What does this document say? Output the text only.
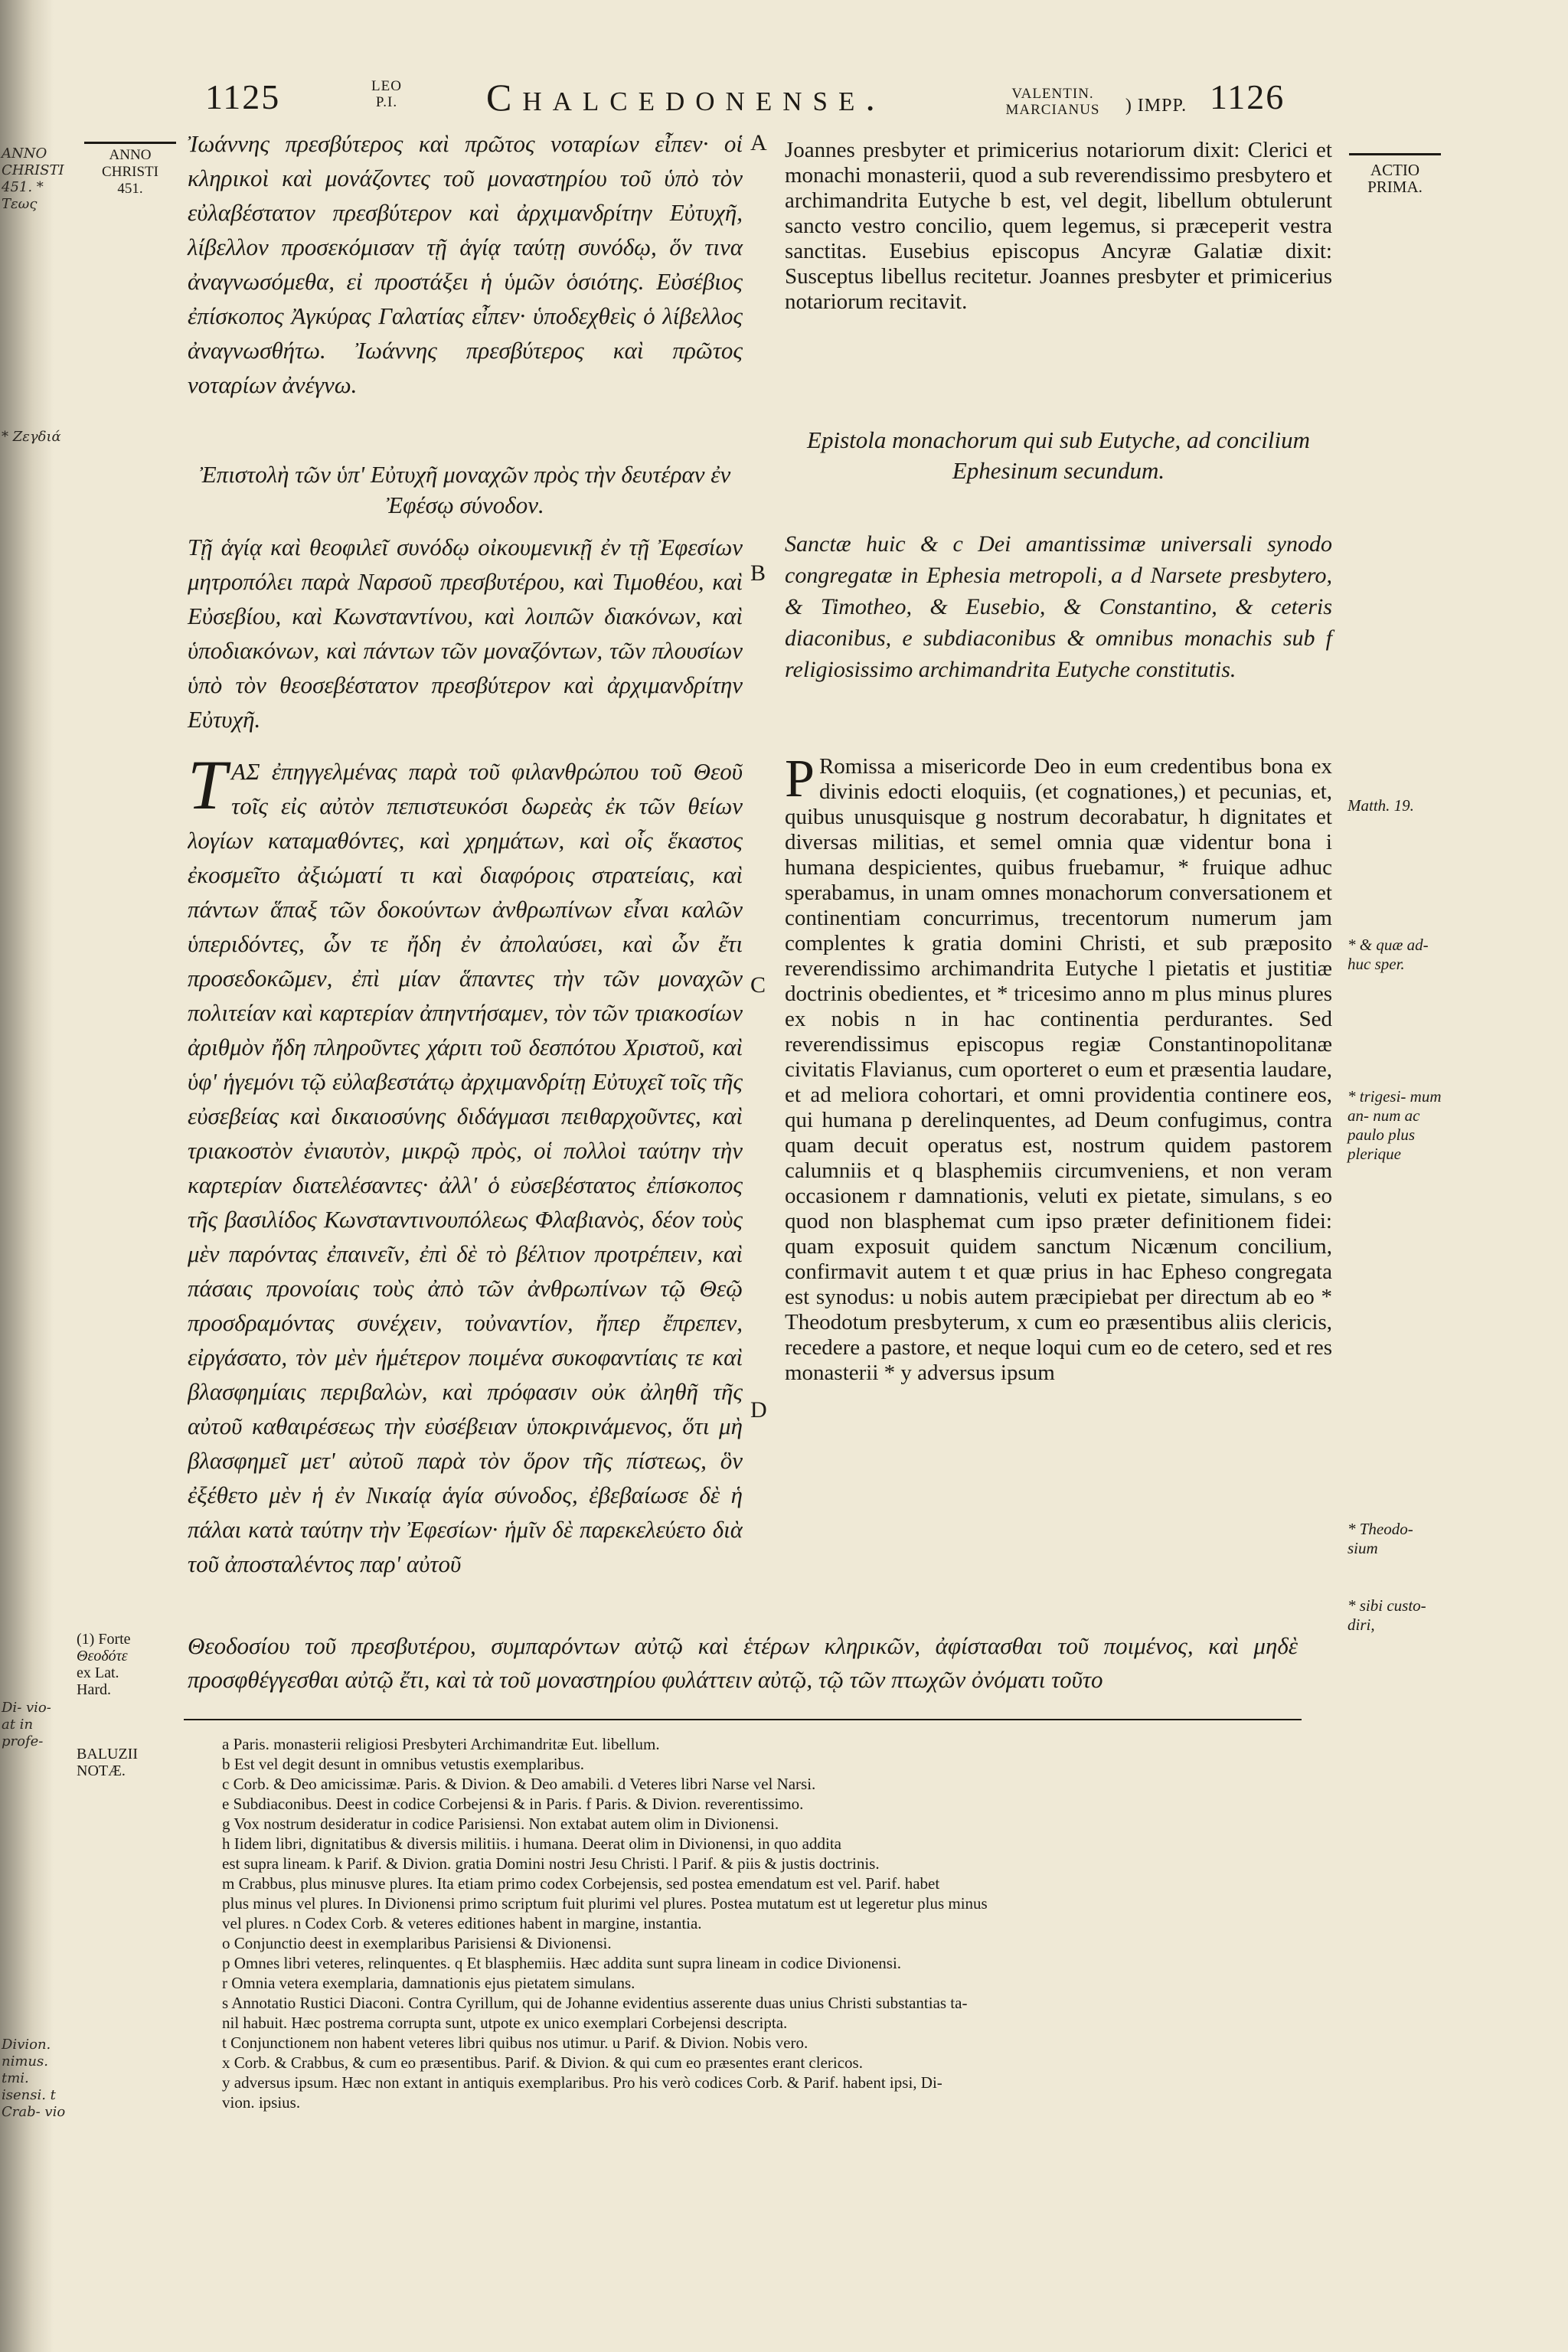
ANNO CHRISTI 451. * Τεως
* Ζεγδιά
Di- vio- at in profe-
Divion. nimus. tmi. isensi. t Crab- vio
1125	LEO
P.I.	Chalcedonense.	VALENTIN.
MARCIANUS	) IMPP. 1126
ANNO
CHRISTI
451.
(1) Forte
Θεοδότε
ex Lat.
Hard.
BALUZII
NOTÆ.
ACTIO
PRIMA.
Matth. 19.
* & quæ ad- huc sper.
* trigesi- mum an- num ac paulo plus plerique
* Theodo- sium
* sibi custo- diri,
A
B
C
D
Ἰωάννης πρεσβύτερος καὶ πρῶτος νοταρίων εἶπεν· οἱ κληρικοὶ καὶ μονάζοντες τοῦ μοναστηρίου τοῦ ὑπὸ τὸν εὐλαβέστατον πρεσβύτερον καὶ ἀρχιμανδρίτην Εὐτυχῆ, λίβελλον προσεκόμισαν τῇ ἁγίᾳ ταύτῃ συνόδῳ, ὅν τινα ἀναγνωσόμεθα, εἰ προστάξει ἡ ὑμῶν ὁσιότης. Εὐσέβιος ἐπίσκοπος Ἀγκύρας Γαλατίας εἶπεν· ὑποδεχθεὶς ὁ λίβελλος ἀναγνωσθήτω. Ἰωάννης πρεσβύτερος καὶ πρῶτος νοταρίων ἀνέγνω.
Ἐπιστολὴ τῶν ὑπ' Εὐτυχῆ μοναχῶν πρὸς τὴν δευτέραν ἐν Ἐφέσῳ σύνοδον.
Τῇ ἁγίᾳ καὶ θεοφιλεῖ συνόδῳ οἰκουμενικῇ ἐν τῇ Ἐφεσίων μητροπόλει παρὰ Ναρσοῦ πρεσβυτέρου, καὶ Τιμοθέου, καὶ Εὐσεβίου, καὶ Κωνσταντίνου, καὶ λοιπῶν διακόνων, καὶ ὑποδιακόνων, καὶ πάντων τῶν μοναζόντων, τῶν πλουσίων ὑπὸ τὸν θεοσεβέστατον πρεσβύτερον καὶ ἀρχιμανδρίτην Εὐτυχῆ.
ΤΑΣ ἐπηγγελμένας παρὰ τοῦ φιλανθρώπου τοῦ Θεοῦ τοῖς εἰς αὐτὸν πεπιστευκόσι δωρεὰς ἐκ τῶν θείων λογίων καταμαθόντες, καὶ χρημάτων, καὶ οἷς ἕκαστος ἐκοσμεῖτο ἀξιώματί τι καὶ διαφόροις στρατείαις, καὶ πάντων ἅπαξ τῶν δοκούντων ἀνθρωπίνων εἶναι καλῶν ὑπεριδόντες, ὧν τε ἤδη ἐν ἀπολαύσει, καὶ ὧν ἔτι προσεδοκῶμεν, ἐπὶ μίαν ἅπαντες τὴν τῶν μοναχῶν πολιτείαν καὶ καρτερίαν ἀπηντήσαμεν, τὸν τῶν τριακοσίων ἀριθμὸν ἤδη πληροῦντες χάριτι τοῦ δεσπότου Χριστοῦ, καὶ ὑφ' ἡγεμόνι τῷ εὐλαβεστάτῳ ἀρχιμανδρίτῃ Εὐτυχεῖ τοῖς τῆς εὐσεβείας καὶ δικαιοσύνης διδάγμασι πειθαρχοῦντες, καὶ τριακοστὸν ἐνιαυτὸν, μικρῷ πρὸς, οἱ πολλοὶ ταύτην τὴν καρτερίαν διατελέσαντες· ἀλλ' ὁ εὐσεβέστατος ἐπίσκοπος τῆς βασιλίδος Κωνσταντινουπόλεως Φλαβιανὸς, δέον τοὺς μὲν παρόντας ἐπαινεῖν, ἐπὶ δὲ τὸ βέλτιον προτρέπειν, καὶ πάσαις προνοίαις τοὺς ἀπὸ τῶν ἀνθρωπίνων τῷ Θεῷ προσδραμόντας συνέχειν, τοὐναντίον, ἤπερ ἔπρεπεν, εἰργάσατο, τὸν μὲν ἡμέτερον ποιμένα συκοφαντίαις τε καὶ βλασφημίαις περιβαλὼν, καὶ πρόφασιν οὐκ ἀληθῆ τῆς αὐτοῦ καθαιρέσεως τὴν εὐσέβειαν ὑποκρινάμενος, ὅτι μὴ βλασφημεῖ μετ' αὐτοῦ παρὰ τὸν ὅρον τῆς πίστεως, ὃν ἐξέθετο μὲν ἡ ἐν Νικαίᾳ ἁγία σύνοδος, ἐβεβαίωσε δὲ ἡ πάλαι κατὰ ταύτην τὴν Ἐφεσίων· ἡμῖν δὲ παρεκελεύετο διὰ τοῦ ἀποσταλέντος παρ' αὐτοῦ
Joannes presbyter et primicerius notariorum dixit: Clerici et monachi monasterii, quod a sub reverendissimo presbytero et archimandrita Eutyche b est, vel degit, libellum obtulerunt sancto vestro concilio, quem legemus, si præceperit vestra sanctitas. Eusebius episcopus Ancyræ Galatiæ dixit: Susceptus libellus recitetur. Joannes presbyter et primicerius notariorum recitavit.
Epistola monachorum qui sub Eutyche, ad concilium Ephesinum secundum.
Sanctæ huic & c Dei amantissimæ universali synodo congregatæ in Ephesia metropoli, a d Narsete presbytero, & Timotheo, & Eusebio, & Constantino, & ceteris diaconibus, e subdiaconibus & omnibus monachis sub f religiosissimo archimandrita Eutyche constitutis.
P Romissa a misericorde Deo in eum credentibus bona ex divinis edocti eloquiis, (et cognationes,) et pecunias, et, quibus unusquisque g nostrum decorabatur, h dignitates et diversas militias, et semel omnia quæ videntur bona i humana despicientes, quibus fruebamur, * fruique adhuc sperabamus, in unam omnes monachorum conversationem et continentiam concurrimus, trecentorum numerum jam complentes k gratia domini Christi, et sub præposito reverendissimo archimandrita Eutyche l pietatis et justitiæ doctrinis obedientes, et * tricesimo anno m plus minus plures ex nobis n in hac continentia perdurantes. Sed reverendissimus episcopus regiæ Constantinopolitanæ civitatis Flavianus, cum oporteret o eum et præsentia laudare, et ad meliora cohortari, et omni providentia continere eos, qui humana p derelinquentes, ad Deum confugimus, contra quam decuit operatus est, nostrum quidem pastorem calumniis et q blasphemiis circumveniens, et non veram occasionem r damnationis, veluti ex pietate, simulans, s eo quod non blasphemat cum ipso præter definitionem fidei: quam exposuit quidem sanctum Nicænum concilium, confirmavit autem t et quæ prius in hac Epheso congregata est synodus: u nobis autem præcipiebat per directum ab eo * Theodotum presbyterum, x cum eo præsentibus aliis clericis, recedere a pastore, et neque loqui cum eo de cetero, sed et res monasterii * y adversus ipsum
Θεοδοσίου τοῦ πρεσβυτέρου, συμπαρόντων αὐτῷ καὶ ἑτέρων κληρικῶν, ἀφίστασθαι τοῦ ποιμένος, καὶ μηδὲ προσφθέγγεσθαι αὐτῷ ἔτι, καὶ τὰ τοῦ μοναστηρίου φυλάττειν αὐτῷ, τῷ τῶν πτωχῶν ὀνόματι τοῦτο
a Paris. monasterii religiosi Presbyteri Archimandritæ Eut. libellum.
b Est vel degit desunt in omnibus vetustis exemplaribus.
c Corb. & Deo amicissimæ. Paris. & Divion. & Deo amabili. d Veteres libri Narse vel Narsi.
e Subdiaconibus. Deest in codice Corbejensi & in Paris. f Paris. & Divion. reverentissimo.
g Vox nostrum desideratur in codice Parisiensi. Non extabat autem olim in Divionensi.
h Iidem libri, dignitatibus & diversis militiis. i humana. Deerat olim in Divionensi, in quo addita
est supra lineam. k Parif. & Divion. gratia Domini nostri Jesu Christi. l Parif. & piis & justis doctrinis.
m Crabbus, plus minusve plures. Ita etiam primo codex Corbejensis, sed postea emendatum est vel. Parif. habet
plus minus vel plures. In Divionensi primo scriptum fuit plurimi vel plures. Postea mutatum est ut legeretur plus minus
vel plures. n Codex Corb. & veteres editiones habent in margine, instantia.
o Conjunctio deest in exemplaribus Parisiensi & Divionensi.
p Omnes libri veteres, relinquentes. q Et blasphemiis. Hæc addita sunt supra lineam in codice Divionensi.
r Omnia vetera exemplaria, damnationis ejus pietatem simulans.
s Annotatio Rustici Diaconi. Contra Cyrillum, qui de Johanne evidentius asserente duas unius Christi substantias ta-
nil habuit. Hæc postrema corrupta sunt, utpote ex unico exemplari Corbejensi descripta.
t Conjunctionem non habent veteres libri quibus nos utimur. u Parif. & Divion. Nobis vero.
x Corb. & Crabbus, & cum eo præsentibus. Parif. & Divion. & qui cum eo præsentes erant clericos.
y adversus ipsum. Hæc non extant in antiquis exemplaribus. Pro his verò codices Corb. & Parif. habent ipsi, Di-
vion. ipsius.
